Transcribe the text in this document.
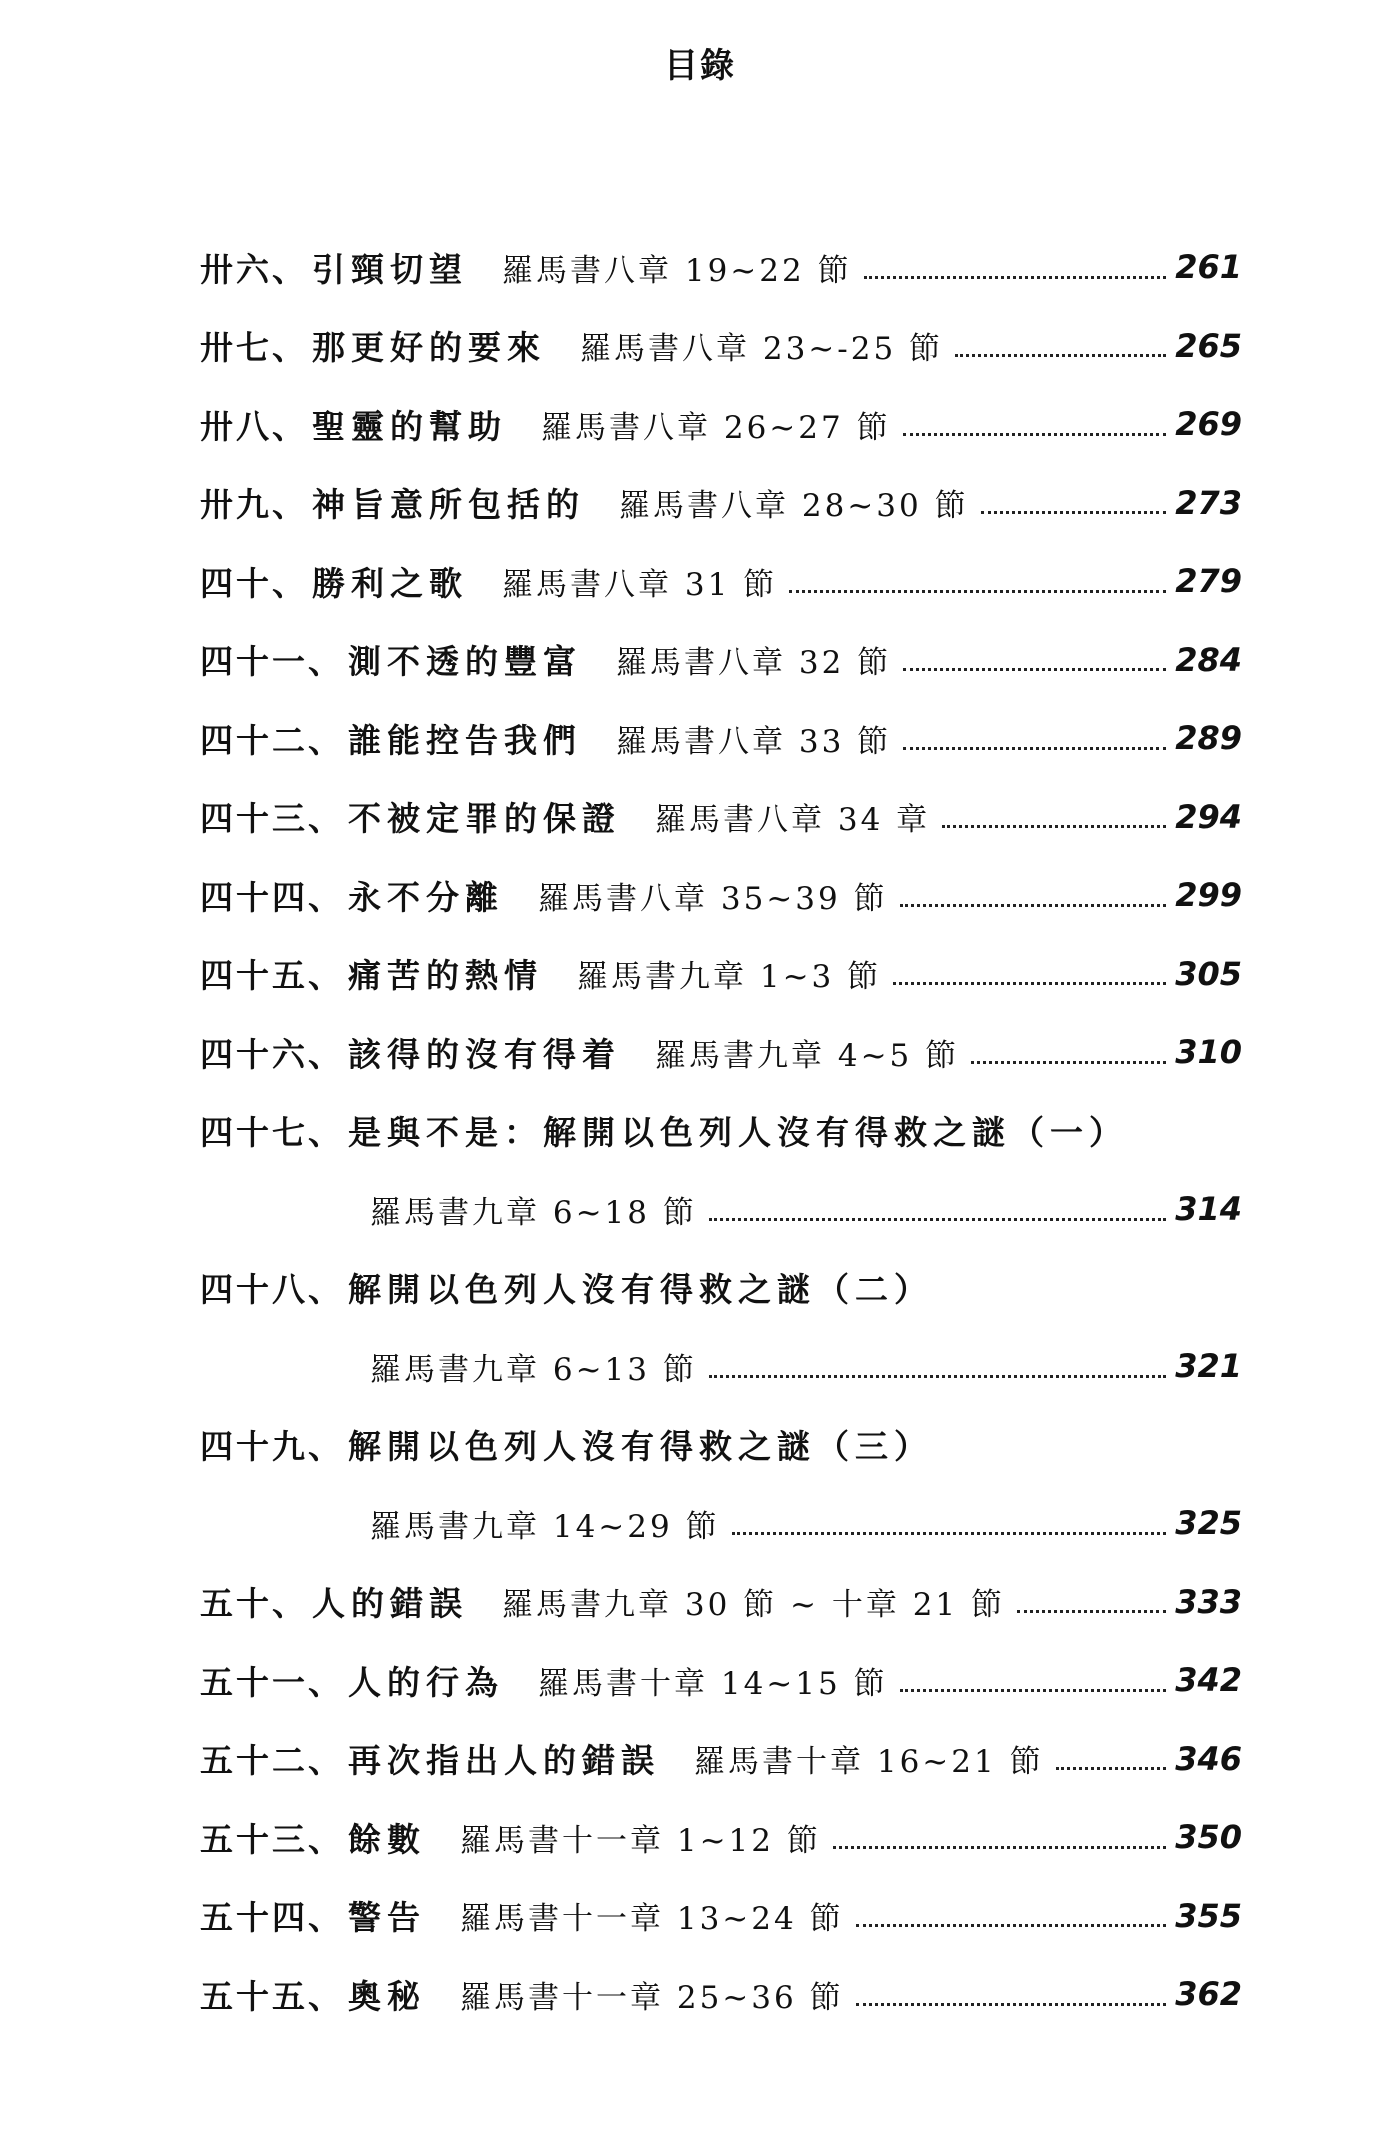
目錄
卅六、 引頸切望 羅馬書八章 19~22 節	261
卅七、 那更好的要來 羅馬書八章 23~-25 節	265
卅八、 聖靈的幫助 羅馬書八章 26~27 節	269
卅九、 神旨意所包括的 羅馬書八章 28~30 節	273
四十、 勝利之歌 羅馬書八章 31 節	279
四十一、 測不透的豐富 羅馬書八章 32 節	284
四十二、 誰能控告我們 羅馬書八章 33 節	289
四十三、 不被定罪的保證 羅馬書八章 34 章	294
四十四、 永不分離 羅馬書八章 35~39 節	299
四十五、 痛苦的熱情 羅馬書九章 1~3 節	305
四十六、 該得的沒有得着 羅馬書九章 4~5 節	310
四十七、 是與不是：解開以色列人沒有得救之謎（一）
羅馬書九章 6~18 節	314
四十八、 解開以色列人沒有得救之謎（二）
羅馬書九章 6~13 節	321
四十九、 解開以色列人沒有得救之謎（三）
羅馬書九章 14~29 節	325
五十、 人的錯誤 羅馬書九章 30 節 ~ 十章 21 節	333
五十一、 人的行為 羅馬書十章 14~15 節	342
五十二、 再次指出人的錯誤 羅馬書十章 16~21 節	346
五十三、 餘數 羅馬書十一章 1~12 節	350
五十四、 警告 羅馬書十一章 13~24 節	355
五十五、 奧秘 羅馬書十一章 25~36 節	362
